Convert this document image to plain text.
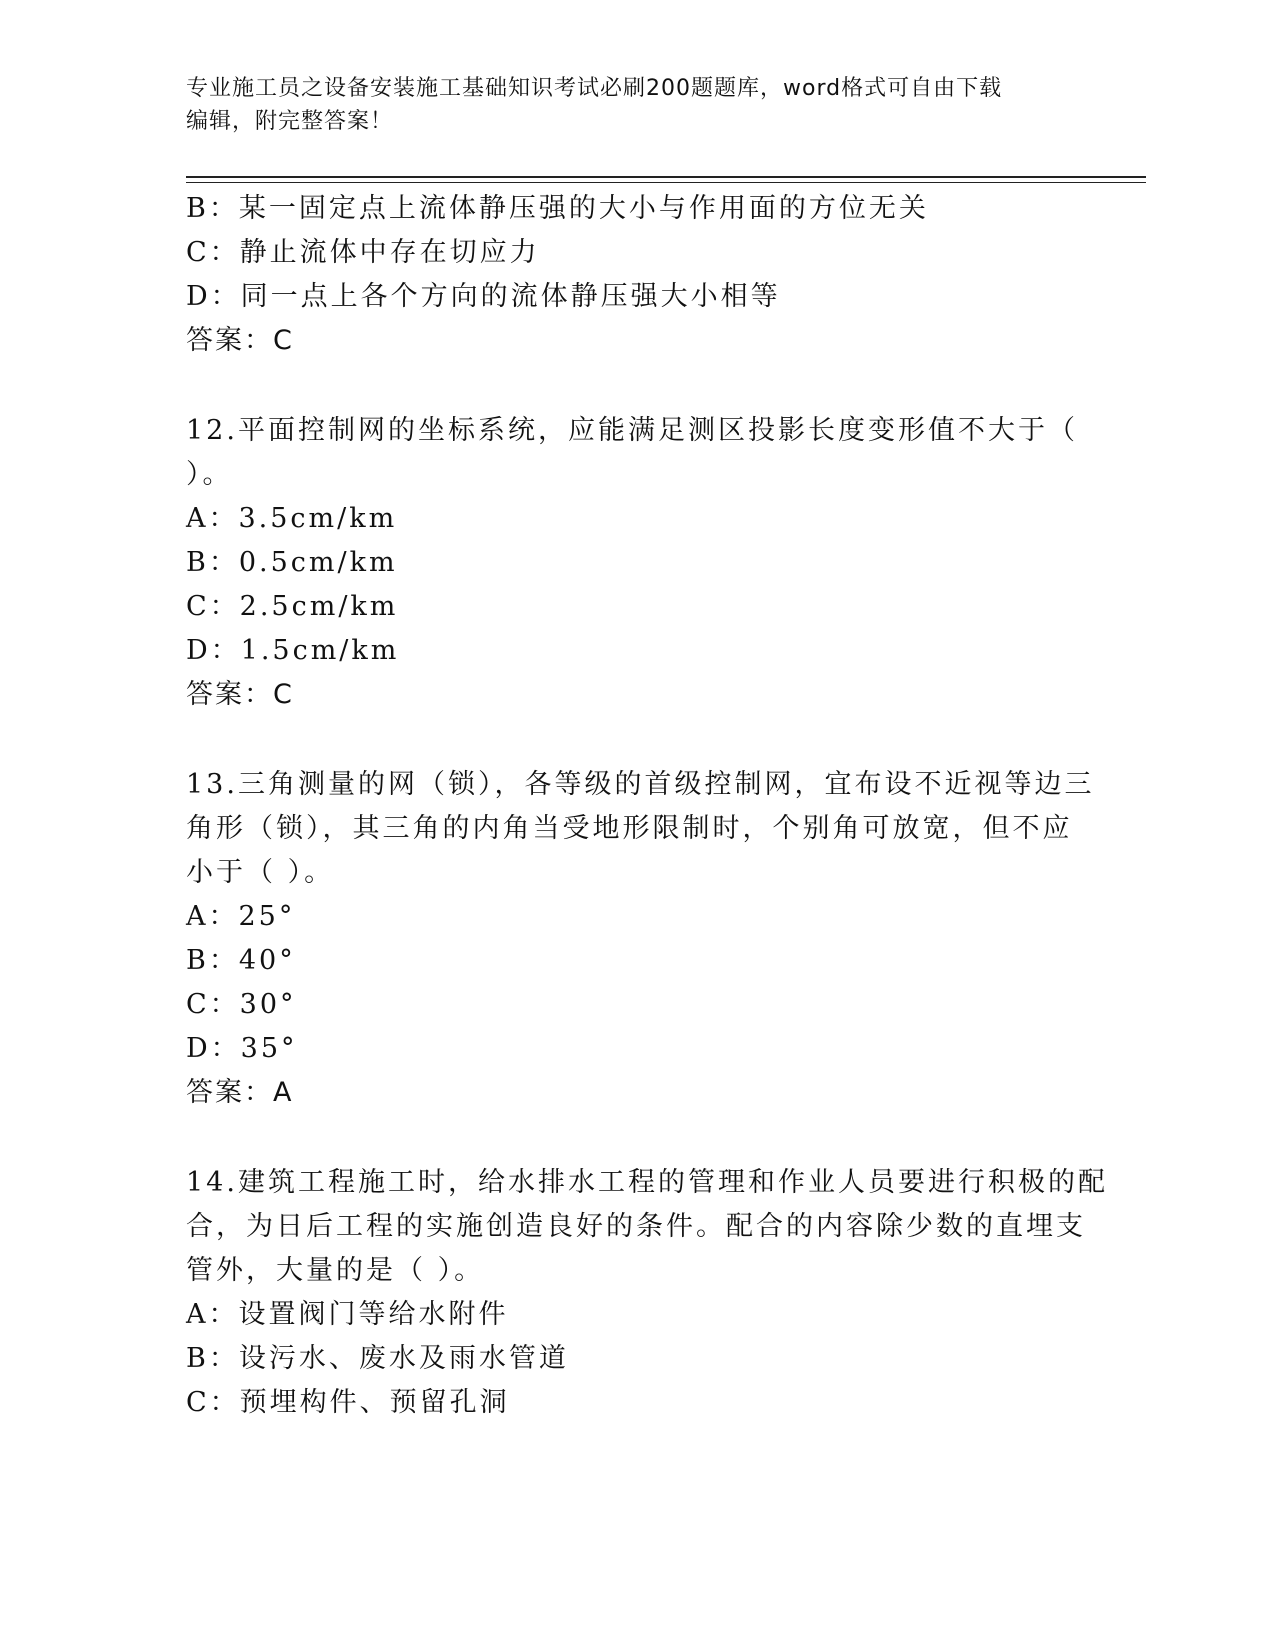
专业施工员之设备安装施工基础知识考试必刷200题题库，word格式可自由下载
编辑，附完整答案！
B：某一固定点上流体静压强的大小与作用面的方位无关
C：静止流体中存在切应力
D：同一点上各个方向的流体静压强大小相等
答案：C
12.平面控制网的坐标系统，应能满足测区投影长度变形值不大于（
）。
A：3.5cm/km
B：0.5cm/km
C：2.5cm/km
D：1.5cm/km
答案：C
13.三角测量的网（锁），各等级的首级控制网，宜布设不近视等边三
角形（锁），其三角的内角当受地形限制时，个别角可放宽，但不应
小于（ ）。
A：25°
B：40°
C：30°
D：35°
答案：A
14.建筑工程施工时，给水排水工程的管理和作业人员要进行积极的配
合，为日后工程的实施创造良好的条件。配合的内容除少数的直埋支
管外，大量的是（ ）。
A：设置阀门等给水附件
B：设污水、废水及雨水管道
C：预埋构件、预留孔洞
